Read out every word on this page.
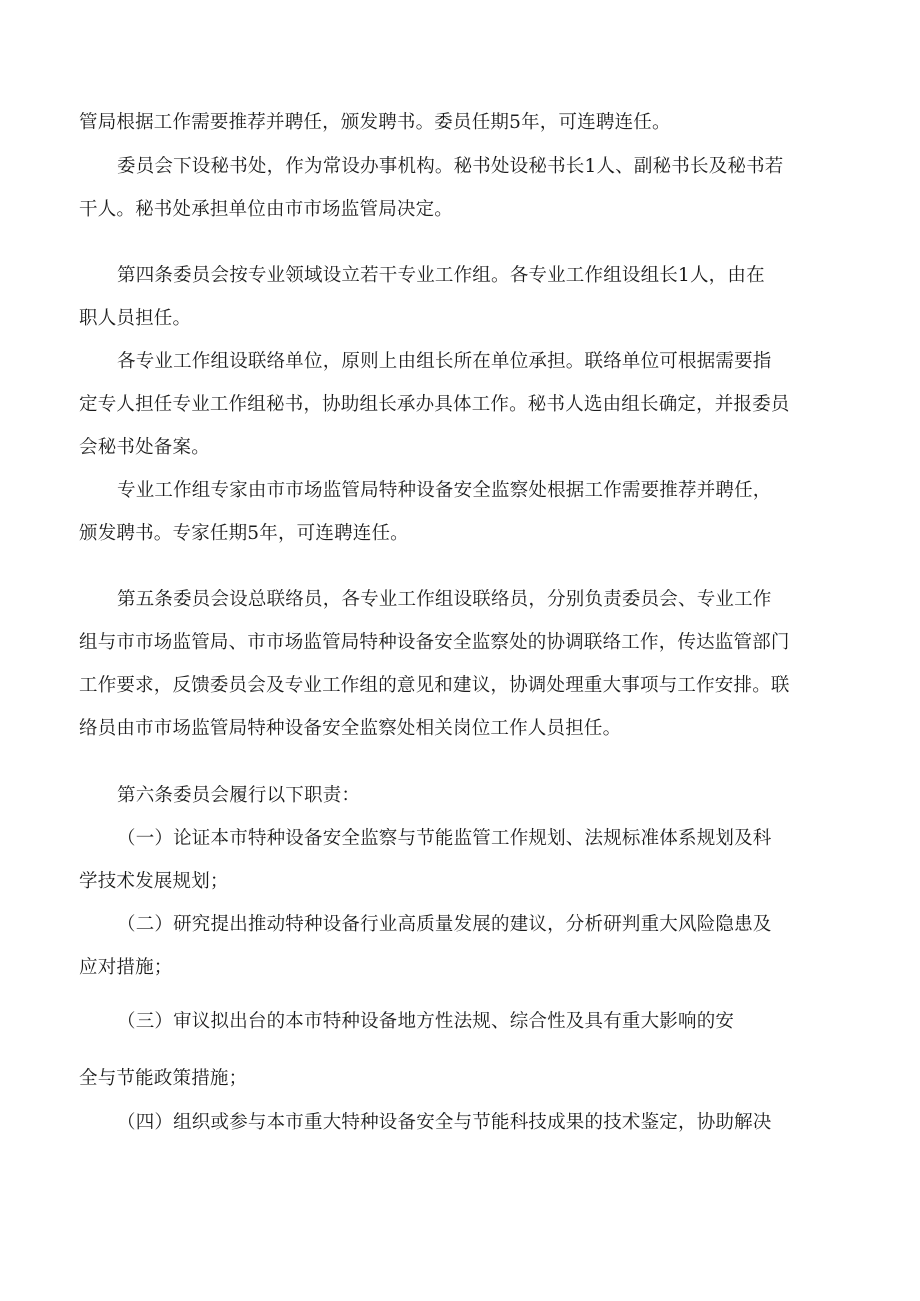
管局根据工作需要推荐并聘任，颁发聘书。委员任期5年，可连聘连任。

委员会下设秘书处，作为常设办事机构。秘书处设秘书长1人、副秘书长及秘书若

干人。秘书处承担单位由市市场监管局决定。

第四条委员会按专业领域设立若干专业工作组。各专业工作组设组长1人，由在

职人员担任。

各专业工作组设联络单位，原则上由组长所在单位承担。联络单位可根据需要指

定专人担任专业工作组秘书，协助组长承办具体工作。秘书人选由组长确定，并报委员

会秘书处备案。

专业工作组专家由市市场监管局特种设备安全监察处根据工作需要推荐并聘任，

颁发聘书。专家任期5年，可连聘连任。

第五条委员会设总联络员，各专业工作组设联络员，分别负责委员会、专业工作

组与市市场监管局、市市场监管局特种设备安全监察处的协调联络工作，传达监管部门

工作要求，反馈委员会及专业工作组的意见和建议，协调处理重大事项与工作安排。联

络员由市市场监管局特种设备安全监察处相关岗位工作人员担任。

第六条委员会履行以下职责：

（一）论证本市特种设备安全监察与节能监管工作规划、法规标准体系规划及科

学技术发展规划；

（二）研究提出推动特种设备行业高质量发展的建议，分析研判重大风险隐患及

应对措施；

（三）审议拟出台的本市特种设备地方性法规、综合性及具有重大影响的安

全与节能政策措施；

（四）组织或参与本市重大特种设备安全与节能科技成果的技术鉴定，协助解决
